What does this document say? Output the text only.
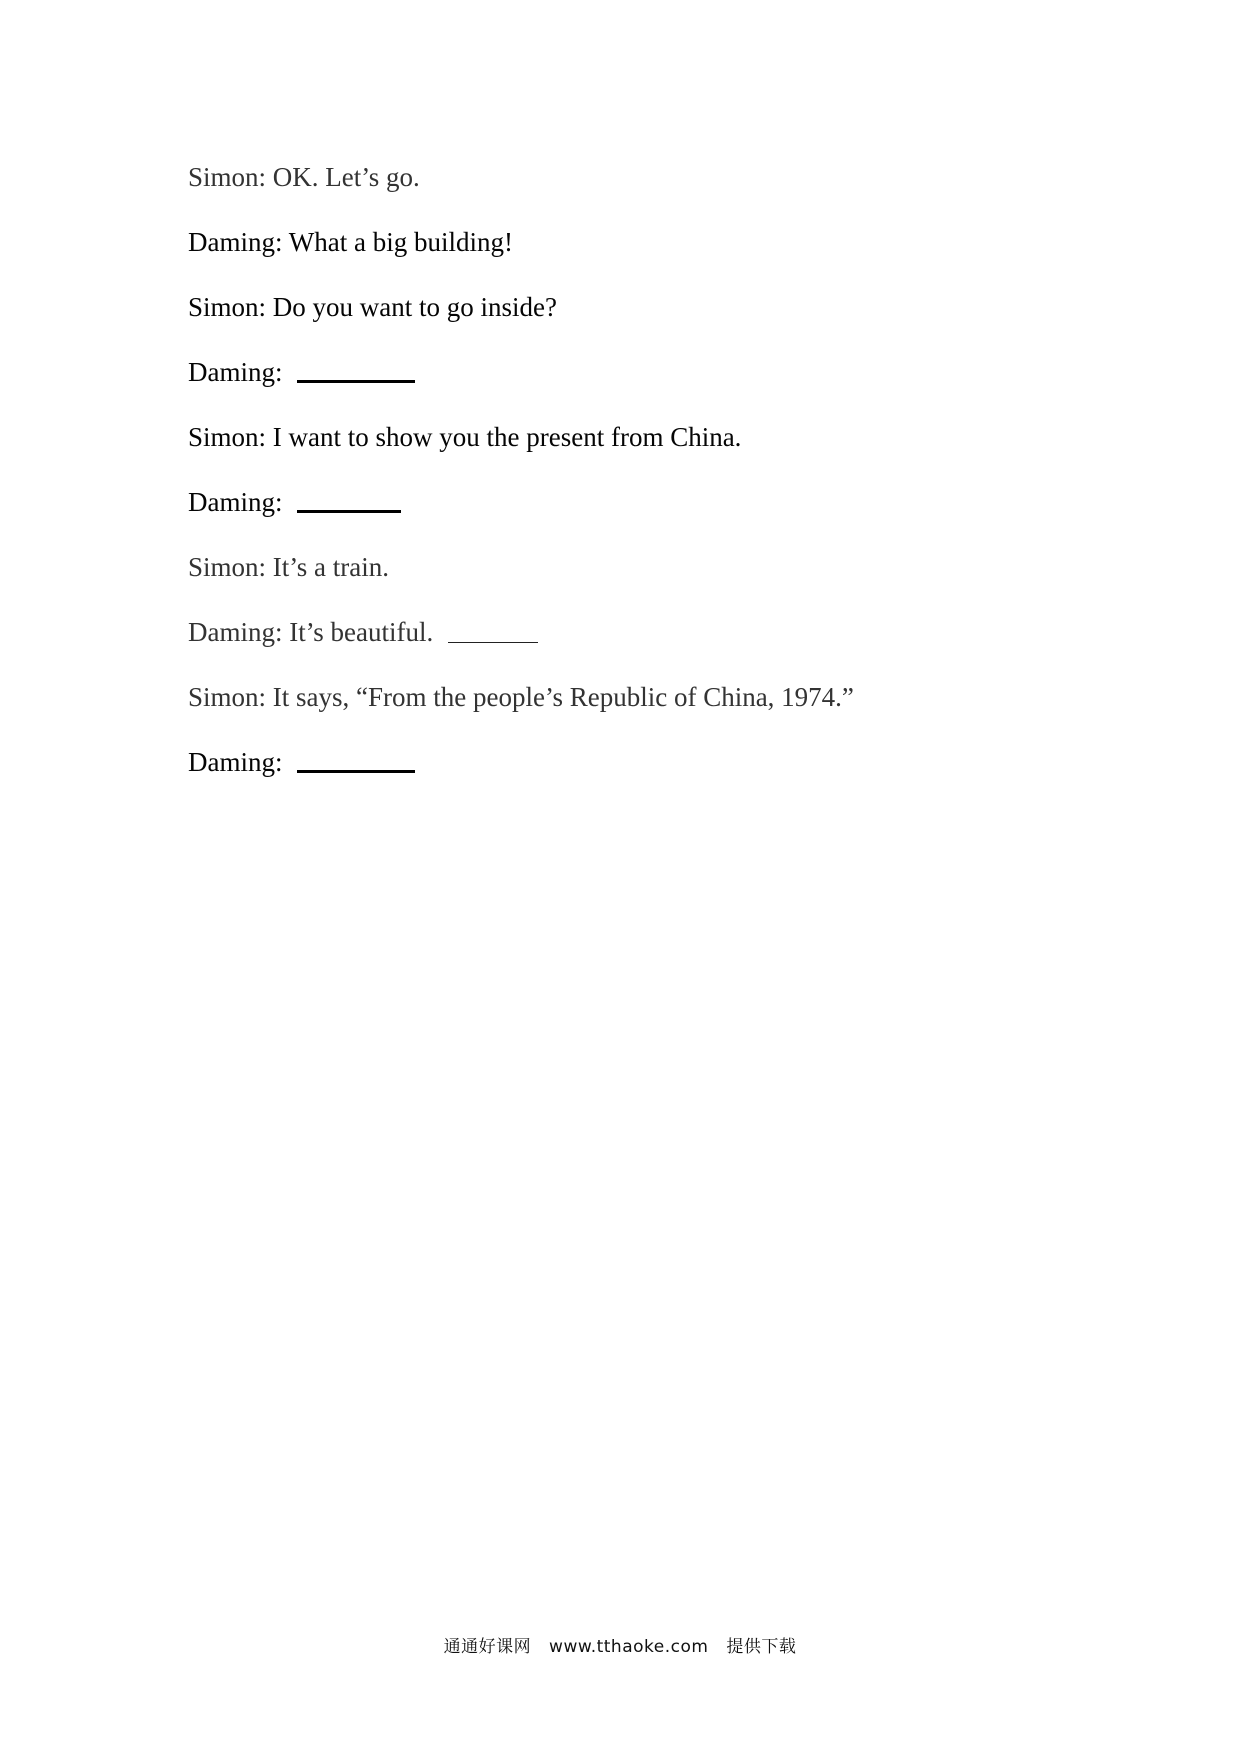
Simon: OK. Let’s go.
Daming: What a big building!
Simon: Do you want to go inside?
Daming:
Simon: I want to show you the present from China.
Daming:
Simon: It’s a train.
Daming: It’s beautiful.
Simon: It says, “From the people’s Republic of China, 1974.”
Daming:
通通好课网 www.tthaoke.com 提供下载
